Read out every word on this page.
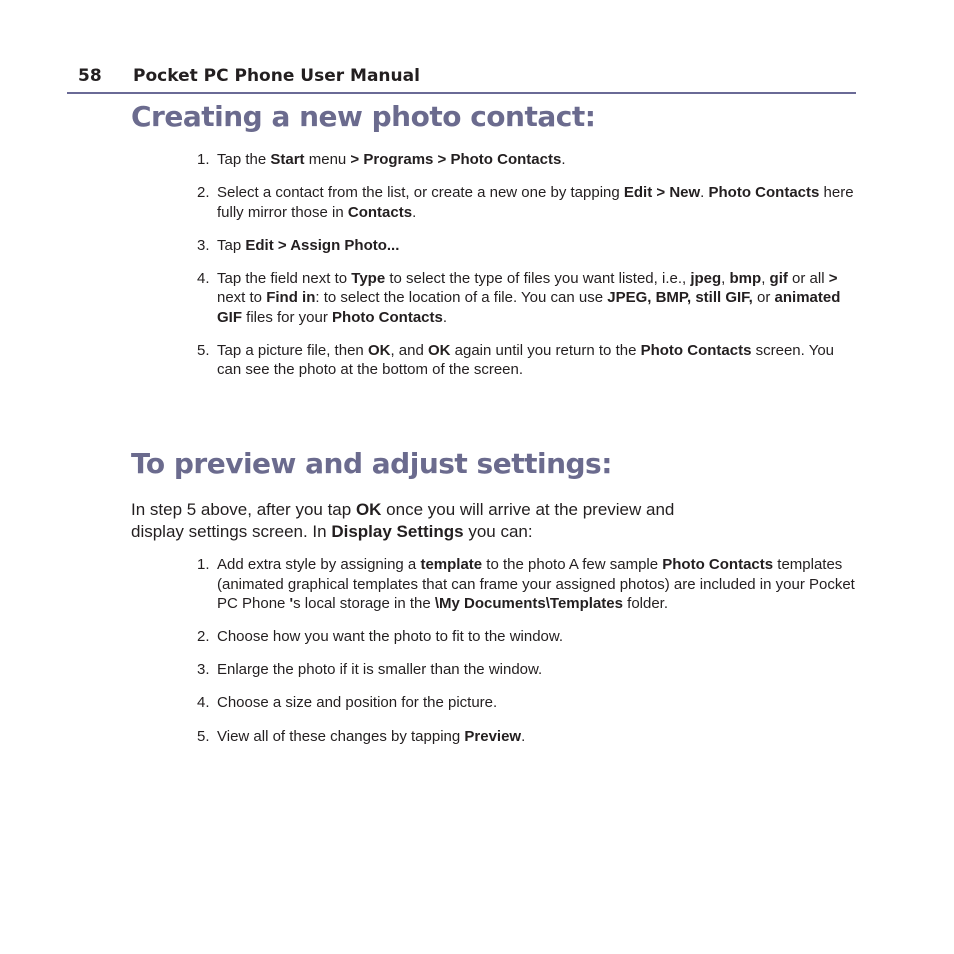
58 Pocket PC Phone User Manual
Creating a new photo contact:
1. Tap the Start menu > Programs > Photo Contacts.
2. Select a contact from the list, or create a new one by tapping Edit > New. Photo Contacts here fully mirror those in Contacts.
3. Tap Edit > Assign Photo...
4. Tap the field next to Type to select the type of files you want listed, i.e., jpeg, bmp, gif or all > next to Find in: to select the location of a file. You can use JPEG, BMP, still GIF, or animated GIF files for your Photo Contacts.
5. Tap a picture file, then OK, and OK again until you return to the Photo Contacts screen. You can see the photo at the bottom of the screen.
To preview and adjust settings:

In step 5 above, after you tap OK once you will arrive at the preview and display settings screen. In Display Settings you can:

1. Add extra style by assigning a template to the photo A few sample Photo Contacts templates (animated graphical templates that can frame your assigned photos) are included in your Pocket PC Phone 's local storage in the \My Documents\Templates folder.
2. Choose how you want the photo to fit to the window.
3. Enlarge the photo if it is smaller than the window.
4. Choose a size and position for the picture.
5. View all of these changes by tapping Preview.
